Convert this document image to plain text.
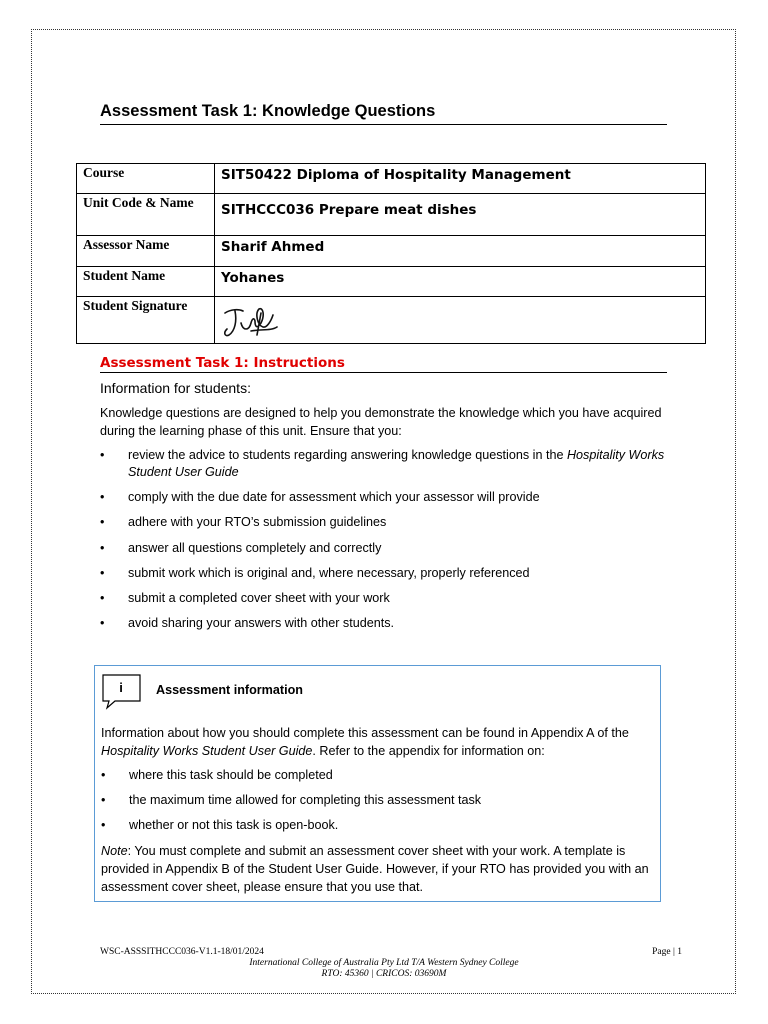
Assessment Task 1: Knowledge Questions
Course	SIT50422 Diploma of Hospitality Management
Unit Code & Name	SITHCCC036 Prepare meat dishes
Assessor Name	Sharif Ahmed
Student Name	Yohanes
Student Signature	
Assessment Task 1: Instructions
Information for students:
Knowledge questions are designed to help you demonstrate the knowledge which you have acquired during the learning phase of this unit. Ensure that you:
• review the advice to students regarding answering knowledge questions in the Hospitality Works Student User Guide
• comply with the due date for assessment which your assessor will provide
• adhere with your RTO’s submission guidelines
• answer all questions completely and correctly
• submit work which is original and, where necessary, properly referenced
• submit a completed cover sheet with your work
• avoid sharing your answers with other students.
i	Assessment information

Information about how you should complete this assessment can be found in Appendix A of the Hospitality Works Student User Guide. Refer to the appendix for information on:

• where this task should be completed
• the maximum time allowed for completing this assessment task
• whether or not this task is open-book.

Note: You must complete and submit an assessment cover sheet with your work. A template is provided in Appendix B of the Student User Guide. However, if your RTO has provided you with an assessment cover sheet, please ensure that you use that.

WSC-ASSSITHCCC036-V1.1-18/01/2024	Page | 1
International College of Australia Pty Ltd T/A Western Sydney College
RTO: 45360 | CRICOS: 03690M
